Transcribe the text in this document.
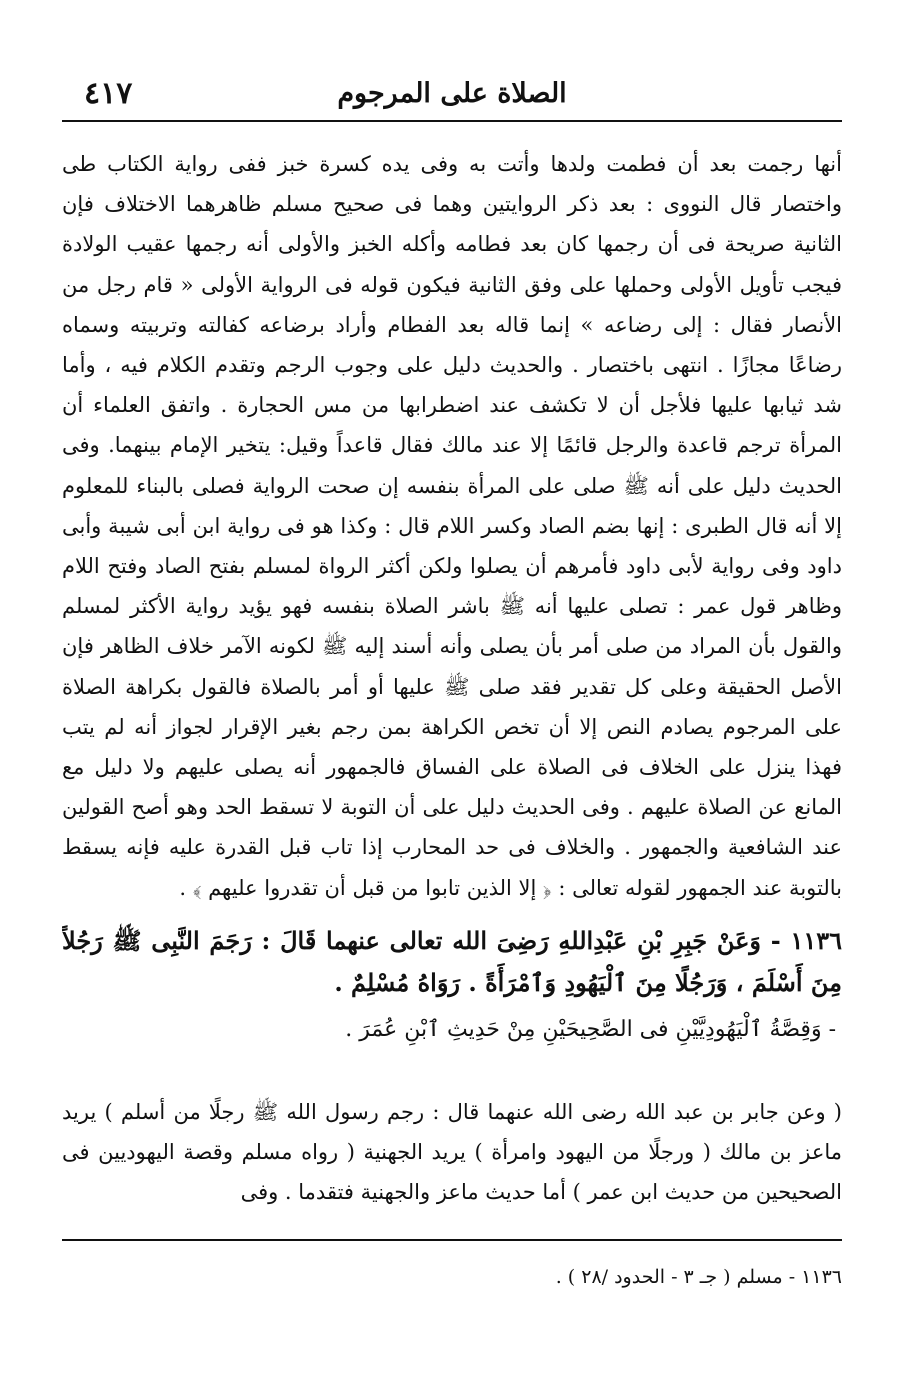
الصلاة على المرجوم
٤١٧
أنها رجمت بعد أن فطمت ولدها وأتت به وفى يده كسرة خبز ففى رواية الكتاب طى واختصار قال النووى : بعد ذكر الروايتين وهما فى صحيح مسلم ظاهرهما الاختلاف فإن الثانية صريحة فى أن رجمها كان بعد فطامه وأكله الخبز والأولى أنه رجمها عقيب الولادة فيجب تأويل الأولى وحملها على وفق الثانية فيكون قوله فى الرواية الأولى « قام رجل من الأنصار فقال : إلى رضاعه » إنما قاله بعد الفطام وأراد برضاعه كفالته وتربيته وسماه رضاعًا مجازًا . انتهى باختصار . والحديث دليل على وجوب الرجم وتقدم الكلام فيه ، وأما شد ثيابها عليها فلأجل أن لا تكشف عند اضطرابها من مس الحجارة . واتفق العلماء أن المرأة ترجم قاعدة والرجل قائمًا إلا عند مالك فقال قاعداً وقيل: يتخير الإمام بينهما. وفى الحديث دليل على أنه ﷺ صلى على المرأة بنفسه إن صحت الرواية فصلى بالبناء للمعلوم إلا أنه قال الطبرى : إنها بضم الصاد وكسر اللام قال : وكذا هو فى رواية ابن أبى شيبة وأبى داود وفى رواية لأبى داود فأمرهم أن يصلوا ولكن أكثر الرواة لمسلم بفتح الصاد وفتح اللام وظاهر قول عمر : تصلى عليها أنه ﷺ باشر الصلاة بنفسه فهو يؤيد رواية الأكثر لمسلم والقول بأن المراد من صلى أمر بأن يصلى وأنه أسند إليه ﷺ لكونه الآمر خلاف الظاهر فإن الأصل الحقيقة وعلى كل تقدير فقد صلى ﷺ عليها أو أمر بالصلاة فالقول بكراهة الصلاة على المرجوم يصادم النص إلا أن تخص الكراهة بمن رجم بغير الإقرار لجواز أنه لم يتب فهذا ينزل على الخلاف فى الصلاة على الفساق فالجمهور أنه يصلى عليهم ولا دليل مع المانع عن الصلاة عليهم . وفى الحديث دليل على أن التوبة لا تسقط الحد وهو أصح القولين عند الشافعية والجمهور . والخلاف فى حد المحارب إذا تاب قبل القدرة عليه فإنه يسقط بالتوبة عند الجمهور لقوله تعالى : ﴿ إلا الذين تابوا من قبل أن تقدروا عليهم ﴾ .
١١٣٦ - وَعَنْ جَبِرِ بْنِ عَبْدِاللهِ رَضِىَ الله تعالى عنهما قَالَ : رَجَمَ النَّبِى ﷺ رَجُلاً مِنَ أَسْلَمَ ، وَرَجُلًا مِنَ ٱلْيَهُودِ وَٱمْرَأَةً . رَوَاهُ مُسْلِمٌ .
- وَقِصَّةُ ٱلْيَهُودِيَّيْنِ فى الصَّحِيحَيْنِ مِنْ حَدِيثِ ٱبْنِ عُمَرَ .
( وعن جابر بن عبد الله رضى الله عنهما قال : رجم رسول الله ﷺ رجلًا من أسلم ) يريد ماعز بن مالك ( ورجلًا من اليهود وامرأة ) يريد الجهنية ( رواه مسلم وقصة اليهوديين فى الصحيحين من حديث ابن عمر ) أما حديث ماعز والجهنية فتقدما . وفى
١١٣٦ - مسلم ( جـ ٣ - الحدود /٢٨ ) .
